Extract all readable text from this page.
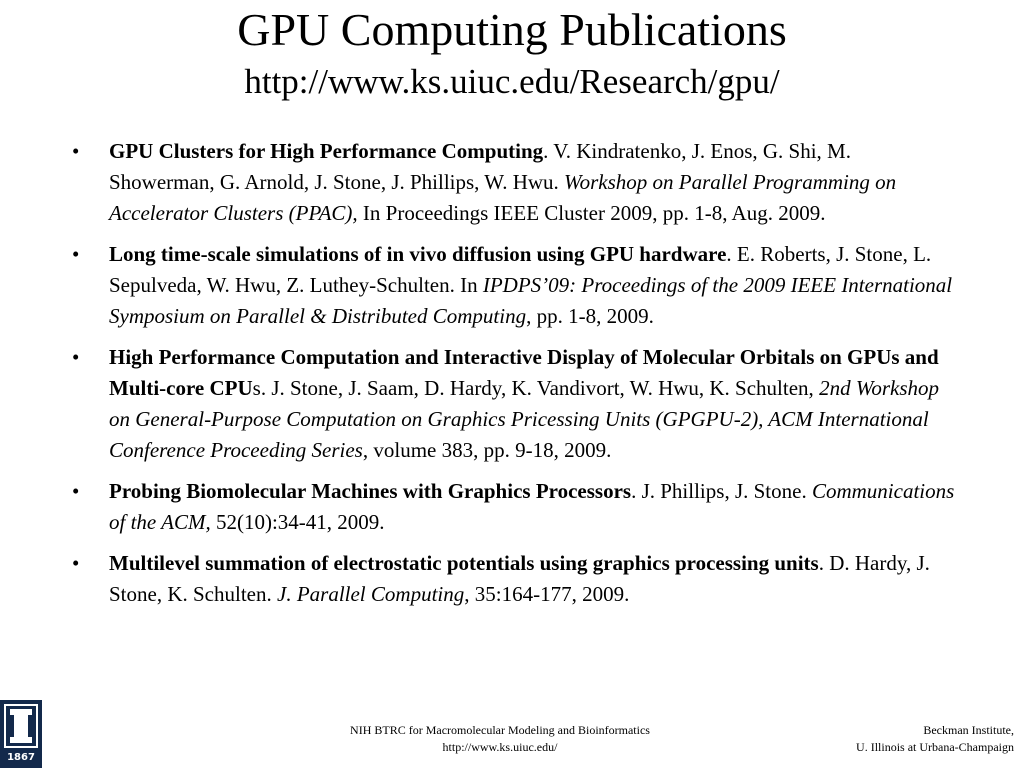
GPU Computing Publications
http://www.ks.uiuc.edu/Research/gpu/
• GPU Clusters for High Performance Computing. V. Kindratenko, J. Enos, G. Shi, M. Showerman, G. Arnold, J. Stone, J. Phillips, W. Hwu. Workshop on Parallel Programming on Accelerator Clusters (PPAC), In Proceedings IEEE Cluster 2009, pp. 1-8, Aug. 2009.
• Long time-scale simulations of in vivo diffusion using GPU hardware. E. Roberts, J. Stone, L. Sepulveda, W. Hwu, Z. Luthey-Schulten. In IPDPS’09: Proceedings of the 2009 IEEE International Symposium on Parallel & Distributed Computing, pp. 1-8, 2009.
• High Performance Computation and Interactive Display of Molecular Orbitals on GPUs and Multi-core CPUs. J. Stone, J. Saam, D. Hardy, K. Vandivort, W. Hwu, K. Schulten, 2nd Workshop on General-Purpose Computation on Graphics Pricessing Units (GPGPU-2), ACM International Conference Proceeding Series, volume 383, pp. 9-18, 2009.
• Probing Biomolecular Machines with Graphics Processors. J. Phillips, J. Stone. Communications of the ACM, 52(10):34-41, 2009.
• Multilevel summation of electrostatic potentials using graphics processing units. D. Hardy, J. Stone, K. Schulten. J. Parallel Computing, 35:164-177, 2009.
1867
NIH BTRC for Macromolecular Modeling and Bioinformatics
http://www.ks.uiuc.edu/
Beckman Institute,
U. Illinois at Urbana-Champaign
